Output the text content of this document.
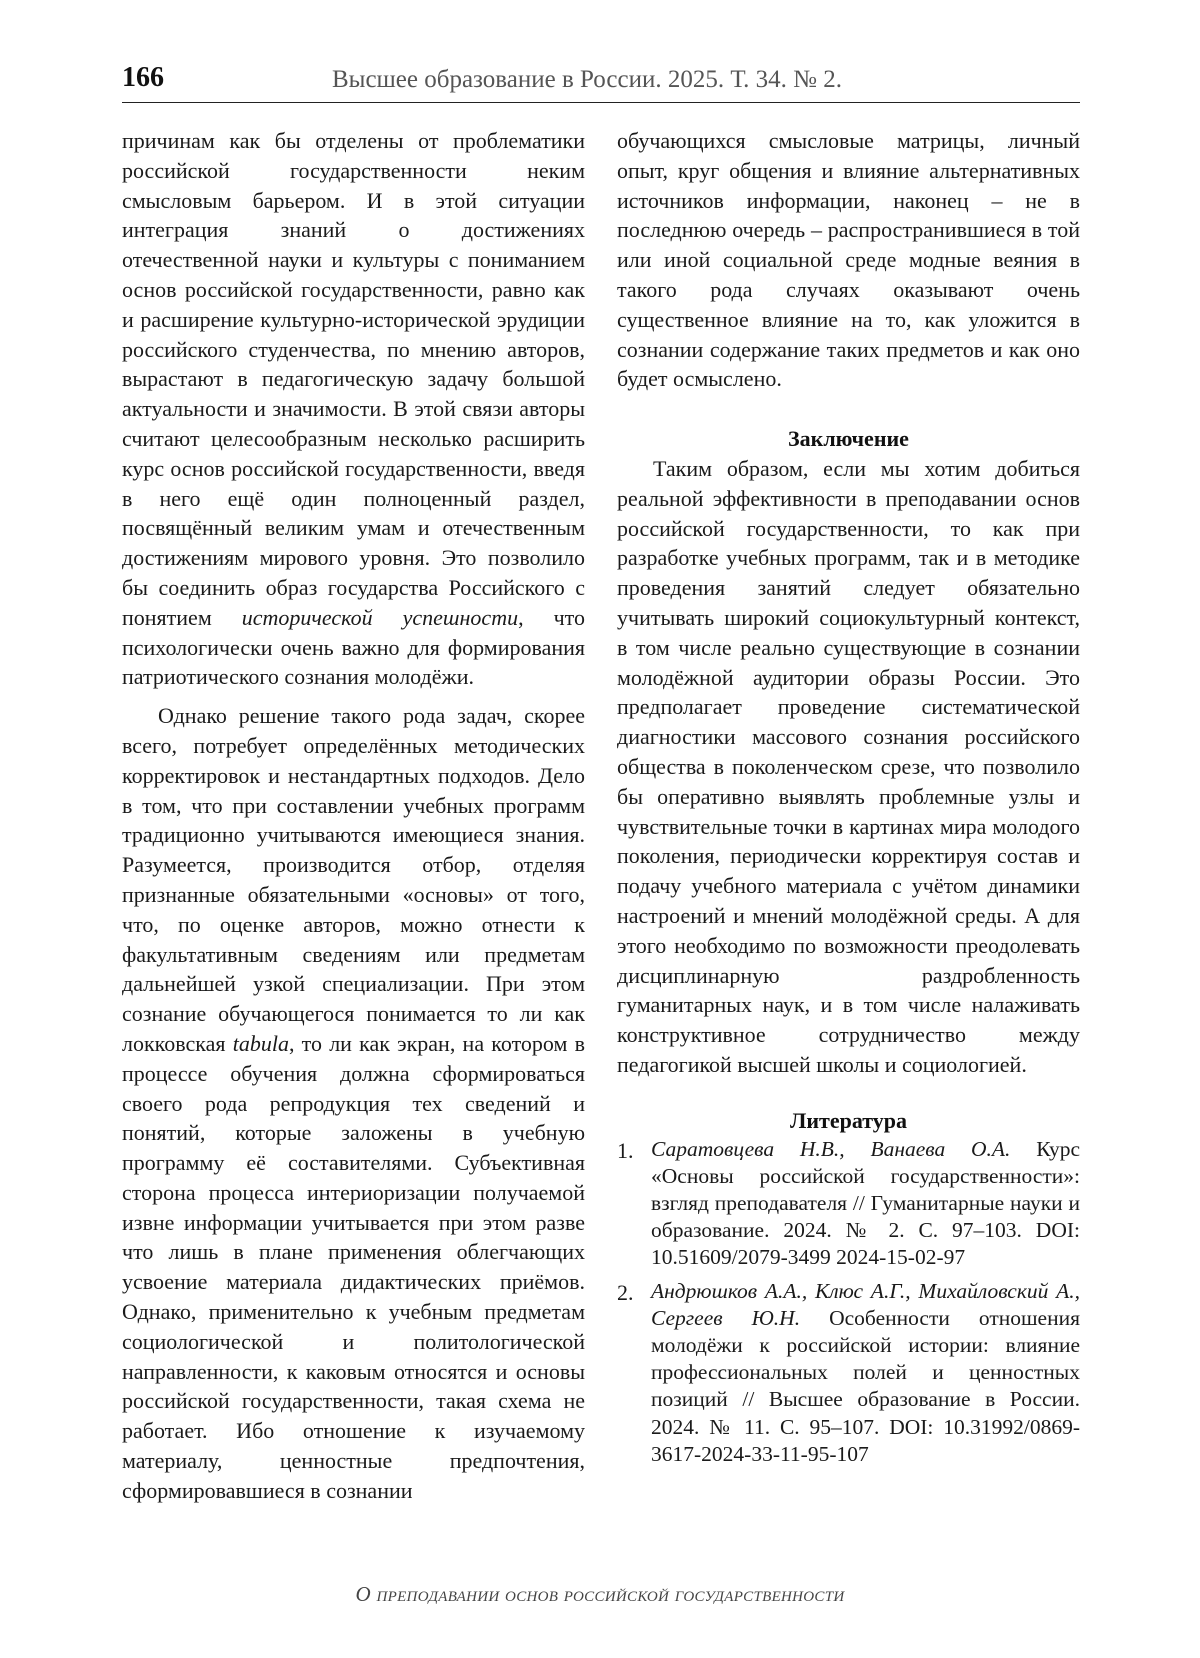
166	Высшее образование в России. 2025. Т. 34. № 2.

причинам как бы отделены от проблематики российской государственности неким смысловым барьером. И в этой ситуации интеграция знаний о достижениях отечественной науки и культуры с пониманием основ российской государственности, равно как и расширение культурно-исторической эрудиции российского студенчества, по мнению авторов, вырастают в педагогическую задачу большой актуальности и значимости. В этой связи авторы считают целесообразным несколько расширить курс основ российской государственности, введя в него ещё один полноценный раздел, посвящённый великим умам и отечественным достижениям мирового уровня. Это позволило бы соединить образ государства Российского с понятием исторической успешности, что психологически очень важно для формирования патриотического сознания молодёжи.

Однако решение такого рода задач, скорее всего, потребует определённых методических корректировок и нестандартных подходов. Дело в том, что при составлении учебных программ традиционно учитываются имеющиеся знания. Разумеется, производится отбор, отделяя признанные обязательными «основы» от того, что, по оценке авторов, можно отнести к факультативным сведениям или предметам дальнейшей узкой специализации. При этом сознание обучающегося понимается то ли как локковская tabula, то ли как экран, на котором в процессе обучения должна сформироваться своего рода репродукция тех сведений и понятий, которые заложены в учебную программу её составителями. Субъективная сторона процесса интериоризации получаемой извне информации учитывается при этом разве что лишь в плане применения облегчающих усвоение материала дидактических приёмов. Однако, применительно к учебным предметам социологической и политологической направленности, к каковым относятся и основы российской государственности, такая схема не работает. Ибо отношение к изучаемому материалу, ценностные предпочтения, сформировавшиеся в сознании

обучающихся смысловые матрицы, личный опыт, круг общения и влияние альтернативных источников информации, наконец – не в последнюю очередь – распространившиеся в той или иной социальной среде модные веяния в такого рода случаях оказывают очень существенное влияние на то, как уложится в сознании содержание таких предметов и как оно будет осмыслено.

Заключение

Таким образом, если мы хотим добиться реальной эффективности в преподавании основ российской государственности, то как при разработке учебных программ, так и в методике проведения занятий следует обязательно учитывать широкий социокультурный контекст, в том числе реально существующие в сознании молодёжной аудитории образы России. Это предполагает проведение систематической диагностики массового сознания российского общества в поколенческом срезе, что позволило бы оперативно выявлять проблемные узлы и чувствительные точки в картинах мира молодого поколения, периодически корректируя состав и подачу учебного материала с учётом динамики настроений и мнений молодёжной среды. А для этого необходимо по возможности преодолевать дисциплинарную раздробленность гуманитарных наук, и в том числе налаживать конструктивное сотрудничество между педагогикой высшей школы и социологией.

Литература

1. Саратовцева Н.В., Ванаева О.А. Курс «Основы российской государственности»: взгляд преподавателя // Гуманитарные науки и образование. 2024. № 2. С. 97–103. DOI: 10.51609/2079-3499 2024-15-02-97
2. Андрюшков А.А., Клюс А.Г., Михайловский А., Сергеев Ю.Н. Особенности отношения молодёжи к российской истории: влияние профессиональных полей и ценностных позиций // Высшее образование в России. 2024. № 11. С. 95–107. DOI: 10.31992/0869-3617-2024-33-11-95-107
О преподавании основ российской государственности
